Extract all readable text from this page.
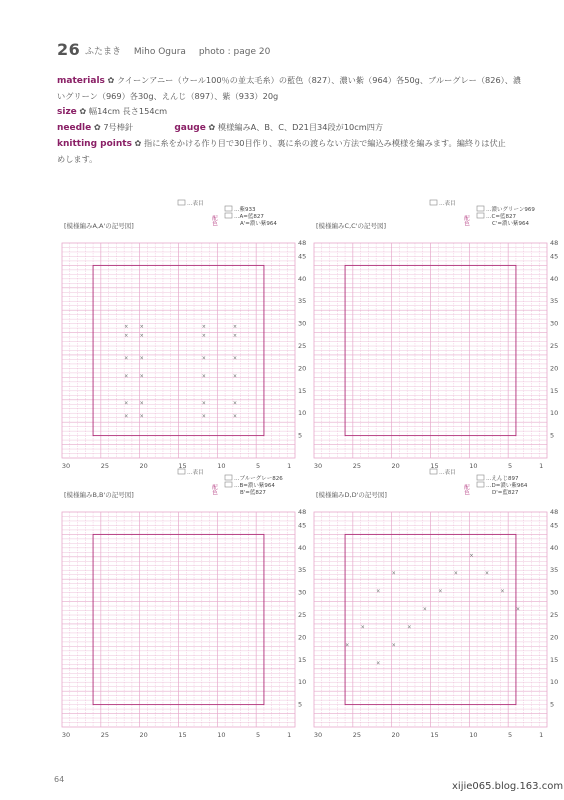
26 ふたまき Miho Ogura photo : page 20
materials ✿ クイーンアニー（ウール100％の並太毛糸）の藍色（827）、濃い紫（964）各50g、ブルーグレー（826）、濃
いグリーン（969）各30g、えんじ（897）、紫（933）20g
size ✿ 幅14cm 長さ154cm
needle ✿ 7号棒針	gauge ✿ 模様編みA、B、C、D21目34段が10cm四方
knitting points ✿ 指に糸をかける作り目で30目作り、裏に糸の渡らない方法で編込み模様を編みます。編終りは伏止
めします。
…表目
配色
…紫933
…A=藍827
A'=濃い紫964
[模様編みA,A'の記号図]
× ×	×	×
× ×	×	×
× ×	×	×
× ×	×	×
× ×	×	×
× ×	×	×
5
10
15
20
25
30
35
40
45
48
30	25	20	15	10	5	1
…表目
配色
…濃いグリーン969
…C=藍827
C'=濃い紫964
[模様編みC,C'の記号図]
5
10
15
20
25
30
35
40
45
48
30	25	20	15	10	5	1
…表目
配色
…ブルーグレー826
…B=濃い紫964
B'=藍827
[模様編みB,B'の記号図]
5
10
15
20
25
30
35
40
45
48
30	25	20	15	10	5	1
…表目
配色
…えんじ897
…D=濃い紫964
D'=藍827
[模様編みD,D'の記号図]
×
×
×
×
×
×
×
×
×
×
×
×
×
×
5
10
15
20
25
30
35
40
45
48
30	25	20	15	10	5	1
64
xijie065.blog.163.com
